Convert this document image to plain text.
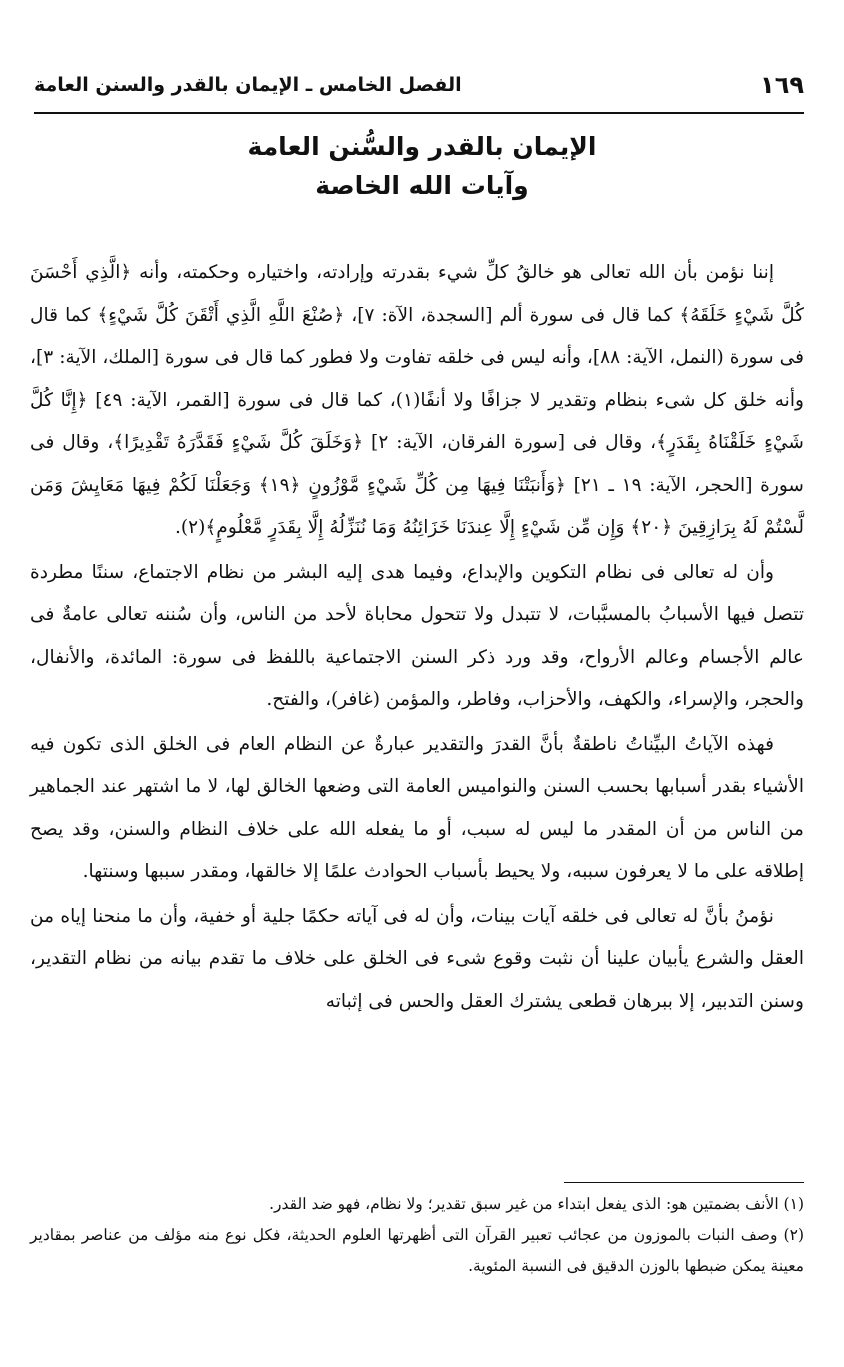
١٦٩
الفصل الخامس ـ الإيمان بالقدر والسنن العامة
الإيمان بالقدر والسُّنن العامة
وآيات الله الخاصة

إننا نؤمن بأن الله تعالى هو خالقُ كلِّ شيء بقدرته وإرادته، واختياره وحكمته، وأنه ﴿الَّذِي أَحْسَنَ كُلَّ شَيْءٍ خَلَقَهُ﴾ كما قال فى سورة ألم [السجدة، الآة: ٧]، ﴿صُنْعَ اللَّهِ الَّذِي أَتْقَنَ كُلَّ شَيْءٍ﴾ كما قال فى سورة (النمل، الآية: ٨٨]، وأنه ليس فى خلقه تفاوت ولا فطور كما قال فى سورة [الملك، الآية: ٣]، وأنه خلق كل شىء بنظام وتقدير لا جزافًا ولا أنفًا(١)، كما قال فى سورة [القمر، الآية: ٤٩] ﴿إِنَّا كُلَّ شَيْءٍ خَلَقْنَاهُ بِقَدَرٍ﴾، وقال فى [سورة الفرقان، الآية: ٢] ﴿وَخَلَقَ كُلَّ شَيْءٍ فَقَدَّرَهُ تَقْدِيرًا﴾، وقال فى سورة [الحجر، الآية: ١٩ ـ ٢١] ﴿وَأَنبَتْنَا فِيهَا مِن كُلِّ شَيْءٍ مَّوْزُونٍ ﴿١٩﴾ وَجَعَلْنَا لَكُمْ فِيهَا مَعَايِشَ وَمَن لَّسْتُمْ لَهُ بِرَازِقِينَ ﴿٢٠﴾ وَإِن مِّن شَيْءٍ إِلَّا عِندَنَا خَزَائِنُهُ وَمَا نُنَزِّلُهُ إِلَّا بِقَدَرٍ مَّعْلُومٍ﴾(٢).

وأن له تعالى فى نظام التكوين والإبداع، وفيما هدى إليه البشر من نظام الاجتماع، سننًا مطردة تتصل فيها الأسبابُ بالمسبَّبات، لا تتبدل ولا تتحول محاباة لأحد من الناس، وأن سُننه تعالى عامةٌ فى عالم الأجسام وعالم الأرواح، وقد ورد ذكر السنن الاجتماعية باللفظ فى سورة: المائدة، والأنفال، والحجر، والإسراء، والكهف، والأحزاب، وفاطر، والمؤمن (غافر)، والفتح.

فهذه الآياتُ البيِّناتُ ناطقةٌ بأنَّ القدرَ والتقدير عبارةٌ عن النظام العام فى الخلق الذى تكون فيه الأشياء بقدر أسبابها بحسب السنن والنواميس العامة التى وضعها الخالق لها، لا ما اشتهر عند الجماهير من الناس من أن المقدر ما ليس له سبب، أو ما يفعله الله على خلاف النظام والسنن، وقد يصح إطلاقه على ما لا يعرفون سببه، ولا يحيط بأسباب الحوادث علمًا إلا خالقها، ومقدر سببها وسنتها.

نؤمنُ بأنَّ له تعالى فى خلقه آيات بينات، وأن له فى آياته حكمًا جلية أو خفية، وأن ما منحنا إياه من العقل والشرع يأبيان علينا أن نثبت وقوع شىء فى الخلق على خلاف ما تقدم بيانه من نظام التقدير، وسنن التدبير، إلا ببرهان قطعى يشترك العقل والحس فى إثباته

(١) الأنف بضمتين هو: الذى يفعل ابتداء من غير سبق تقدير؛ ولا نظام، فهو ضد القدر.

(٢) وصف النبات بالموزون من عجائب تعبير القرآن التى أظهرتها العلوم الحديثة، فكل نوع منه مؤلف من عناصر بمقادير معينة يمكن ضبطها بالوزن الدقيق فى النسبة المئوية.
